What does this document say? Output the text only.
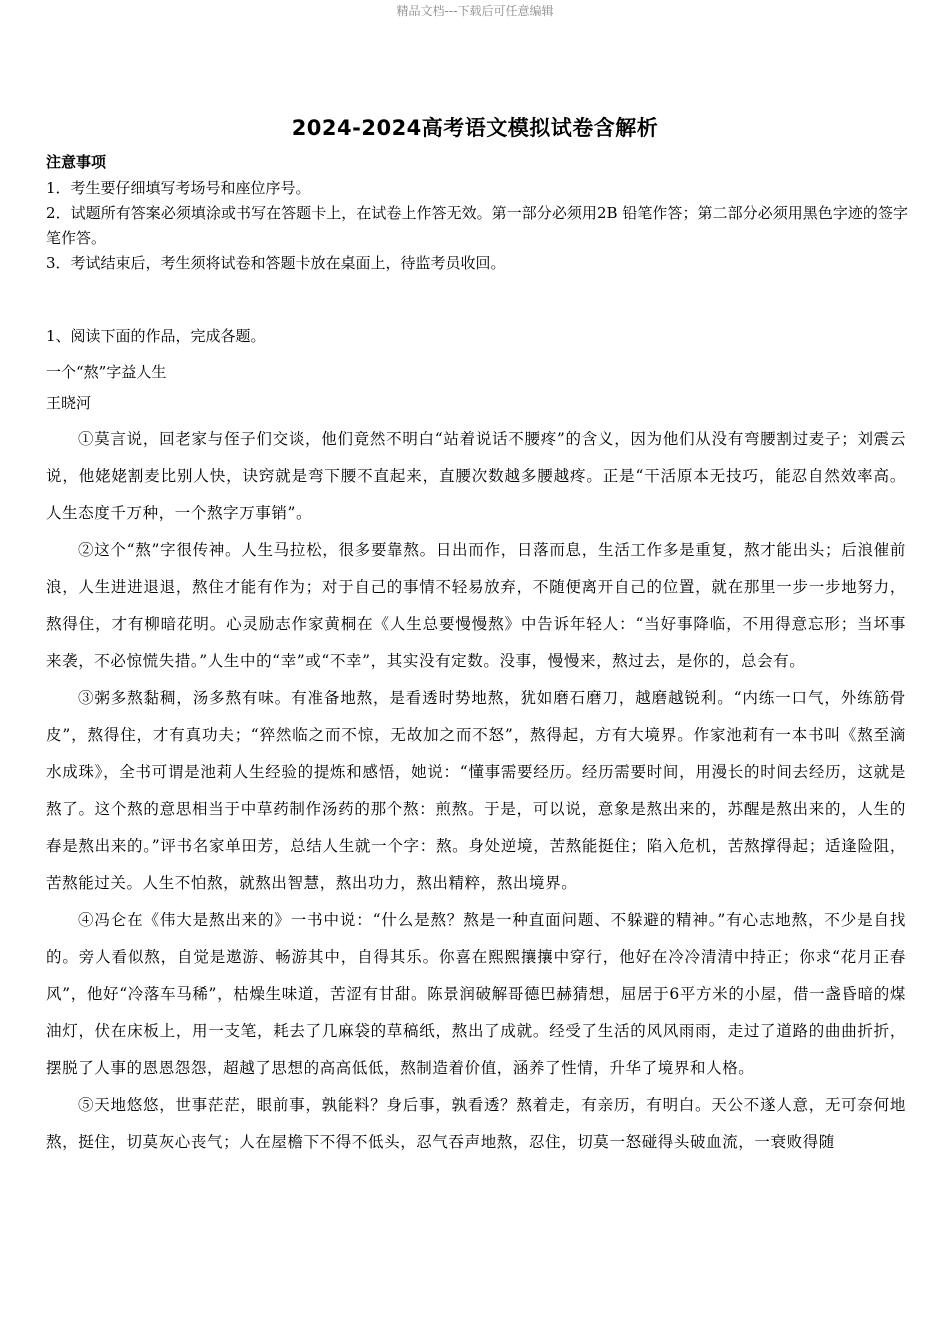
精品文档---下载后可任意编辑
2024-2024高考语文模拟试卷含解析

注意事项

1．考生要仔细填写考场号和座位序号。

2．试题所有答案必须填涂或书写在答题卡上，在试卷上作答无效。第一部分必须用2B 铅笔作答；第二部分必须用黑色字迹的签字笔作答。

3．考试结束后，考生须将试卷和答题卡放在桌面上，待监考员收回。

1、阅读下面的作品，完成各题。

一个“熬”字益人生

王晓河

①莫言说，回老家与侄子们交谈，他们竟然不明白“站着说话不腰疼”的含义，因为他们从没有弯腰割过麦子；刘震云说，他姥姥割麦比别人快，诀窍就是弯下腰不直起来，直腰次数越多腰越疼。正是“干活原本无技巧，能忍自然效率高。人生态度千万种，一个熬字万事销”。

②这个“熬”字很传神。人生马拉松，很多要靠熬。日出而作，日落而息，生活工作多是重复，熬才能出头；后浪催前浪，人生进进退退，熬住才能有作为；对于自己的事情不轻易放弃，不随便离开自己的位置，就在那里一步一步地努力，熬得住，才有柳暗花明。心灵励志作家黄桐在《人生总要慢慢熬》中告诉年轻人：“当好事降临，不用得意忘形；当坏事来袭，不必惊慌失措。”人生中的“幸”或“不幸”，其实没有定数。没事，慢慢来，熬过去，是你的，总会有。

③粥多熬黏稠，汤多熬有味。有准备地熬，是看透时势地熬，犹如磨石磨刀，越磨越锐利。“内练一口气，外练筋骨皮”，熬得住，才有真功夫；“猝然临之而不惊，无故加之而不怒”，熬得起，方有大境界。作家池莉有一本书叫《熬至滴水成珠》，全书可谓是池莉人生经验的提炼和感悟，她说：“懂事需要经历。经历需要时间，用漫长的时间去经历，这就是熬了。这个熬的意思相当于中草药制作汤药的那个熬：煎熬。于是，可以说，意象是熬出来的，苏醒是熬出来的，人生的春是熬出来的。”评书名家单田芳，总结人生就一个字：熬。身处逆境，苦熬能挺住；陷入危机，苦熬撑得起；适逢险阻，苦熬能过关。人生不怕熬，就熬出智慧，熬出功力，熬出精粹，熬出境界。

④冯仑在《伟大是熬出来的》一书中说：“什么是熬？熬是一种直面问题、不躲避的精神。”有心志地熬，不少是自找的。旁人看似熬，自觉是遨游、畅游其中，自得其乐。你喜在熙熙攘攘中穿行，他好在冷冷清清中持正；你求“花月正春风”，他好“冷落车马稀”，枯燥生味道，苦涩有甘甜。陈景润破解哥德巴赫猜想，屈居于6平方米的小屋，借一盏昏暗的煤油灯，伏在床板上，用一支笔，耗去了几麻袋的草稿纸，熬出了成就。经受了生活的风风雨雨，走过了道路的曲曲折折，摆脱了人事的恩恩怨怨，超越了思想的高高低低，熬制造着价值，涵养了性情，升华了境界和人格。

⑤天地悠悠，世事茫茫，眼前事，孰能料？身后事，孰看透？熬着走，有亲历，有明白。天公不遂人意，无可奈何地熬，挺住，切莫灰心丧气；人在屋檐下不得不低头，忍气吞声地熬，忍住，切莫一怒碰得头破血流，一衰败得随
